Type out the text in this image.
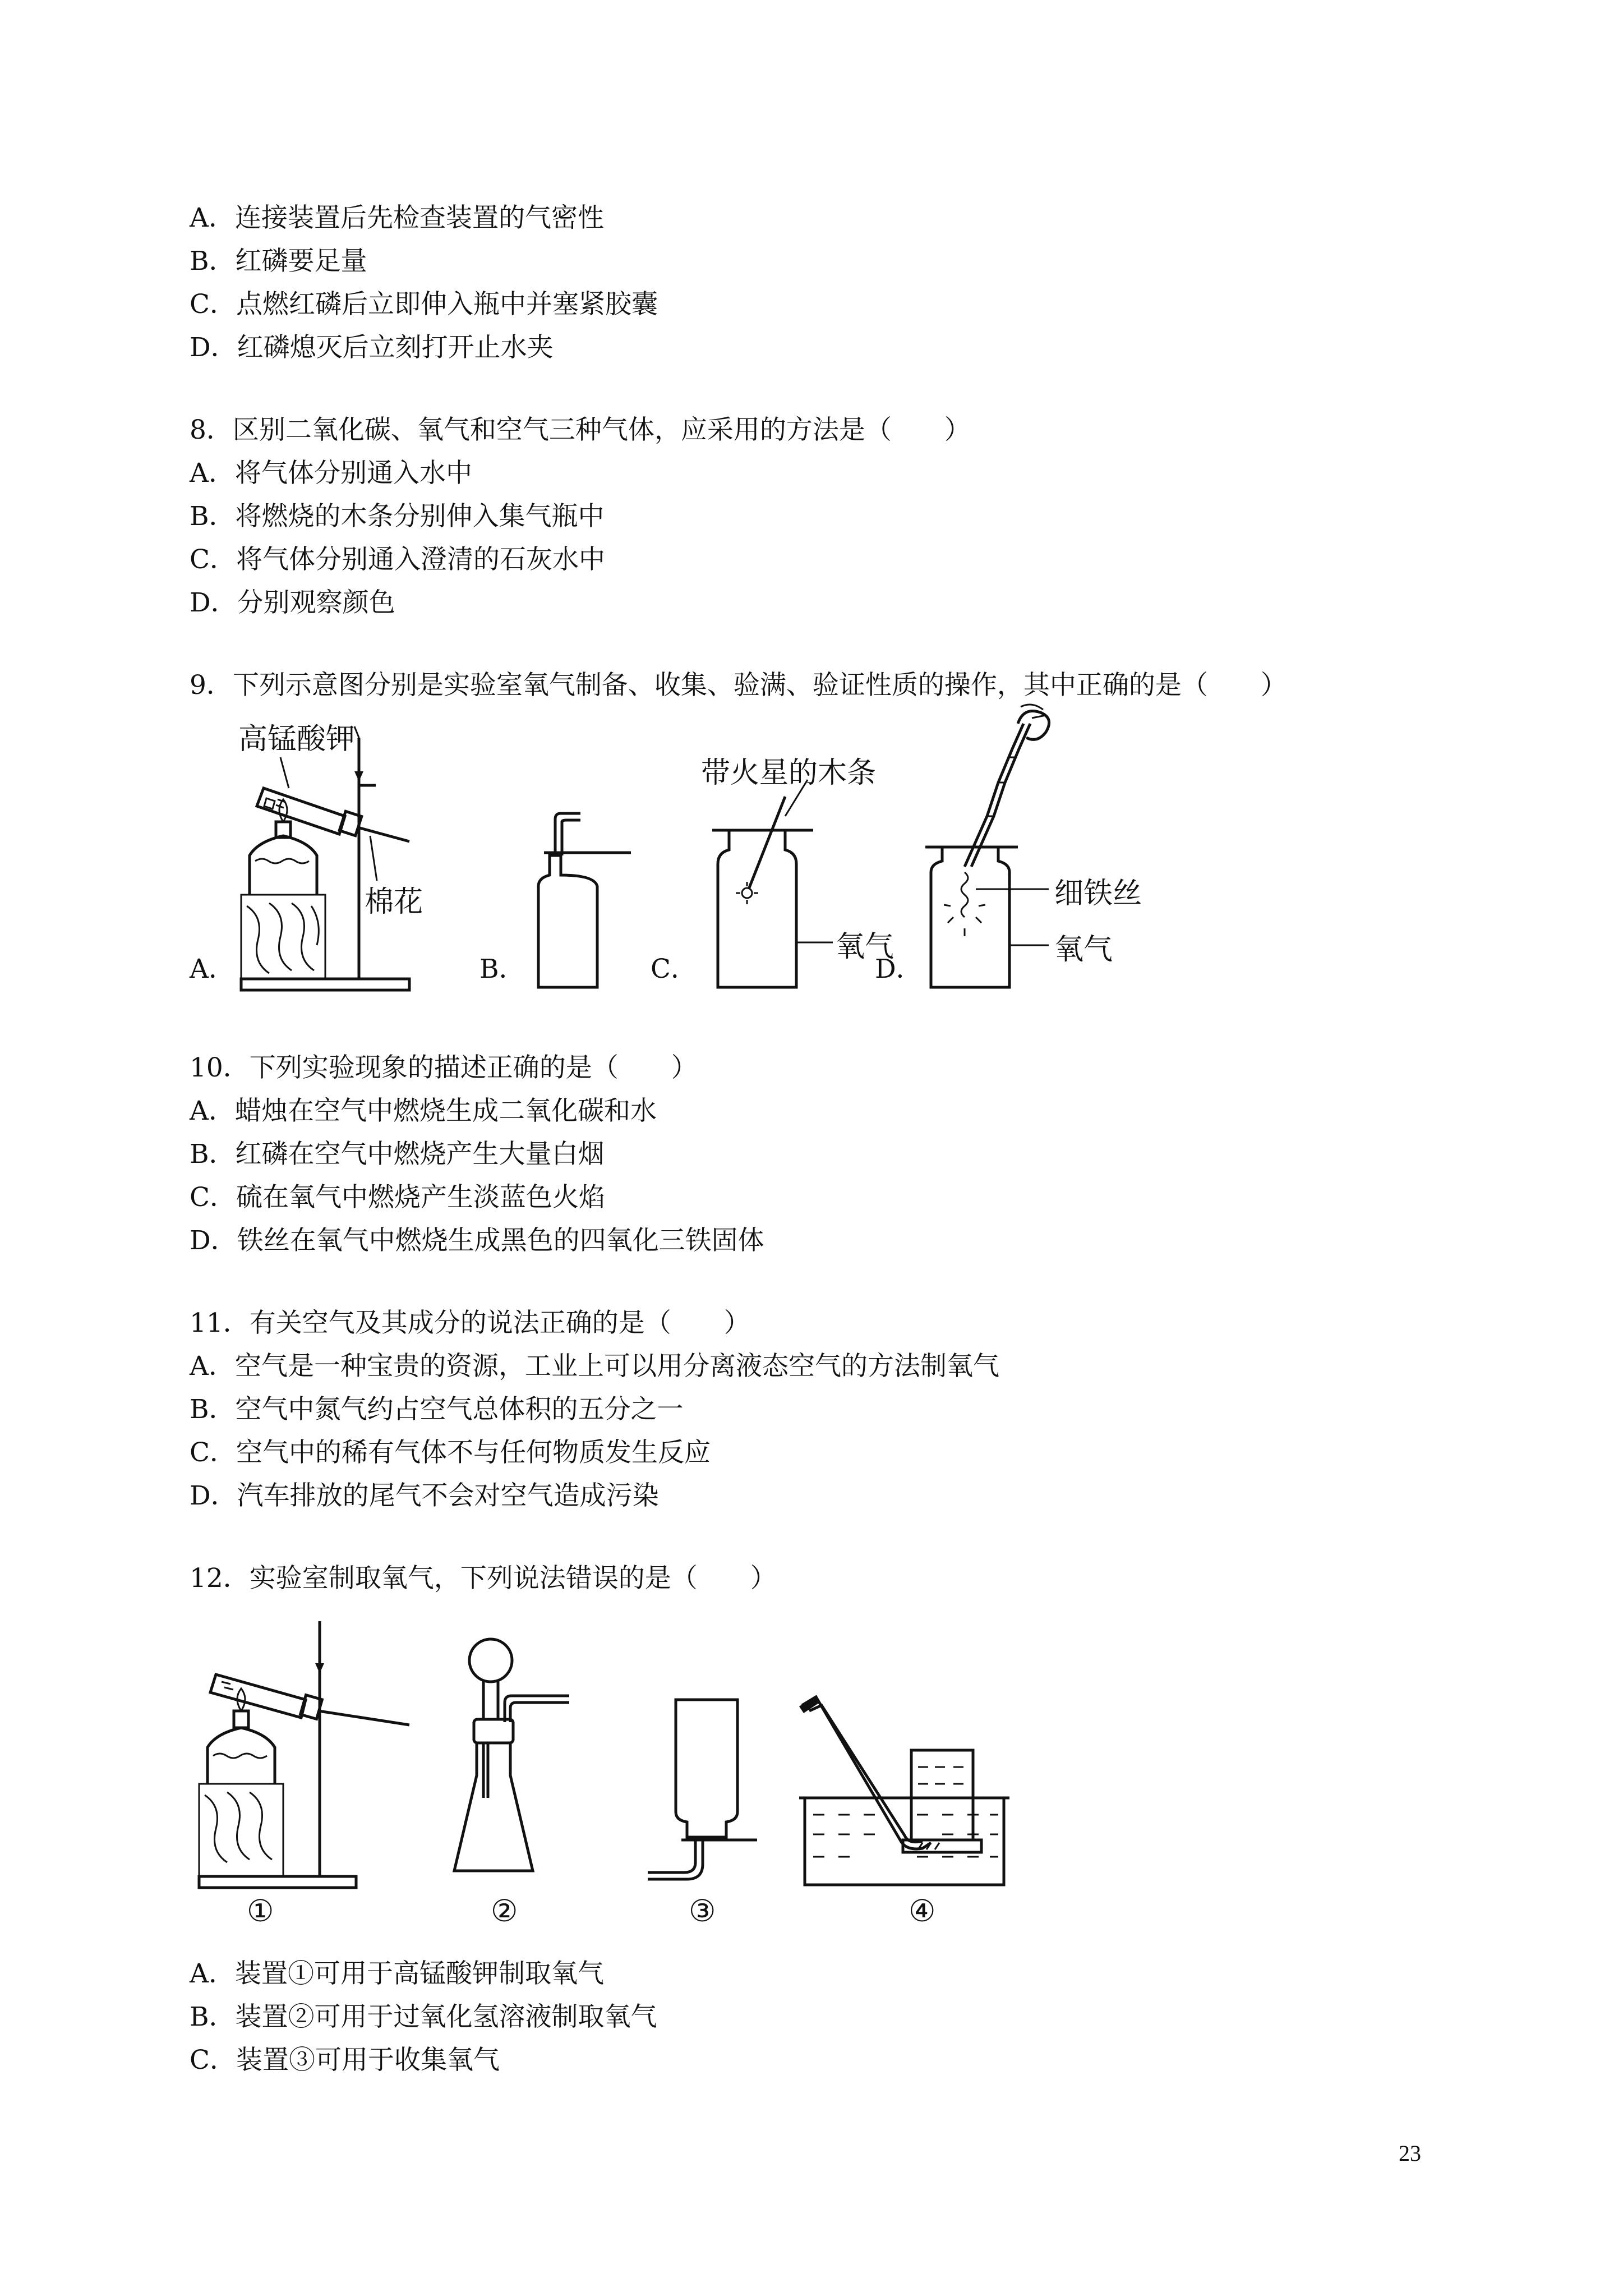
A．连接装置后先检查装置的气密性

B．红磷要足量

C．点燃红磷后立即伸入瓶中并塞紧胶囊

D．红磷熄灭后立刻打开止水夹

8．区别二氧化碳、氧气和空气三种气体，应采用的方法是（　　）

A．将气体分别通入水中

B．将燃烧的木条分别伸入集气瓶中

C．将气体分别通入澄清的石灰水中

D．分别观察颜色

9．下列示意图分别是实验室氧气制备、收集、验满、验证性质的操作，其中正确的是（　　）

高锰酸钾
棉花
A．	B．
带火星的木条
氧气
C．
细铁丝
氧气
D．

10．下列实验现象的描述正确的是（　　）

A．蜡烛在空气中燃烧生成二氧化碳和水

B．红磷在空气中燃烧产生大量白烟

C．硫在氧气中燃烧产生淡蓝色火焰

D．铁丝在氧气中燃烧生成黑色的四氧化三铁固体

11．有关空气及其成分的说法正确的是（　　）

A．空气是一种宝贵的资源，工业上可以用分离液态空气的方法制氧气

B．空气中氮气约占空气总体积的五分之一

C．空气中的稀有气体不与任何物质发生反应

D．汽车排放的尾气不会对空气造成污染

12．实验室制取氧气，下列说法错误的是（　　）

①	②	③	④

A．装置①可用于高锰酸钾制取氧气

B．装置②可用于过氧化氢溶液制取氧气

C．装置③可用于收集氧气

23
